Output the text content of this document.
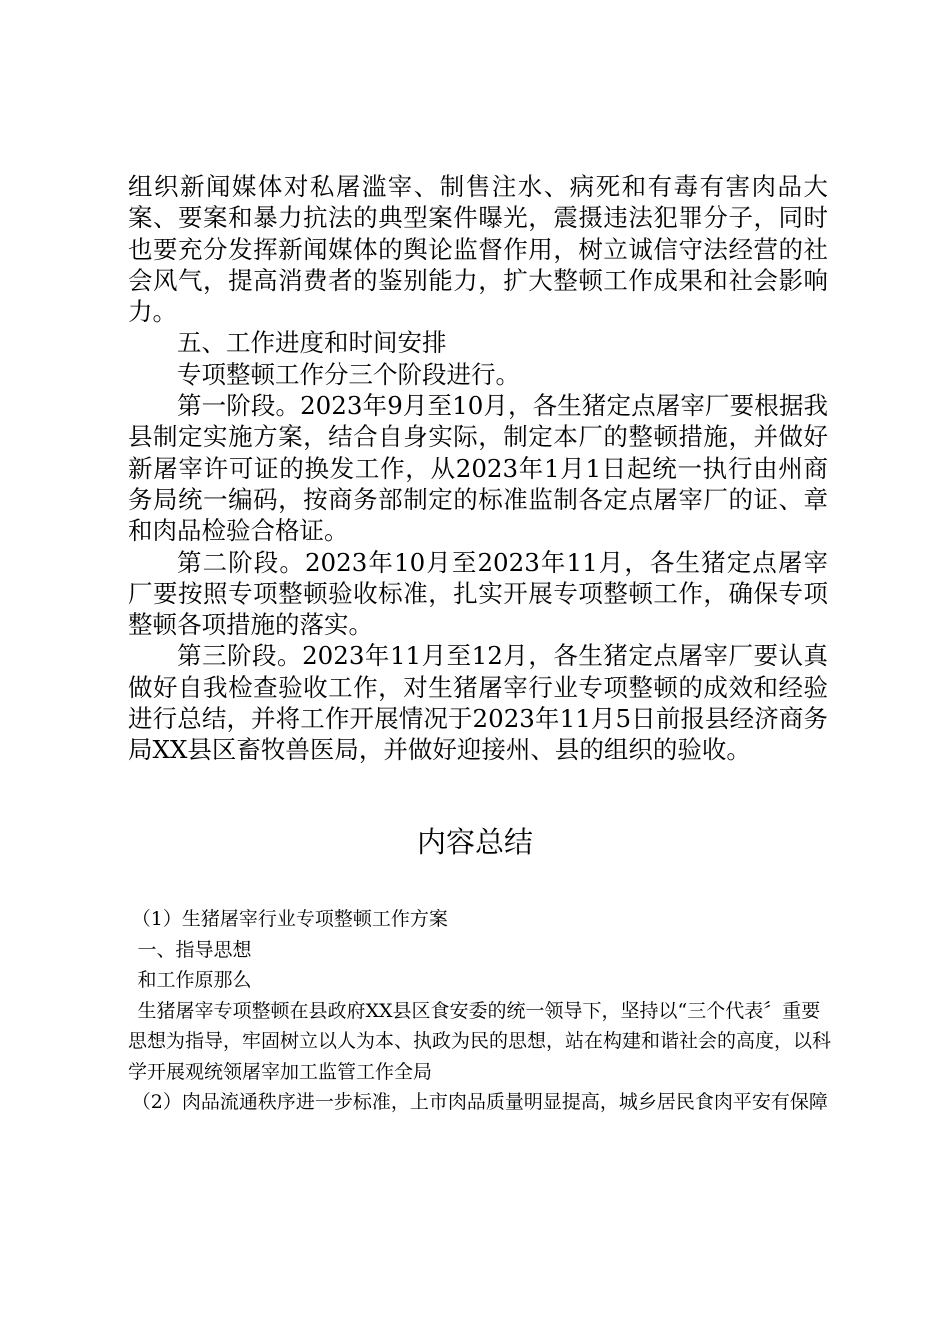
组织新闻媒体对私屠滥宰、制售注水、病死和有毒有害肉品大案、要案和暴力抗法的典型案件曝光，震摄违法犯罪分子，同时也要充分发挥新闻媒体的舆论监督作用，树立诚信守法经营的社会风气，提高消费者的鉴别能力，扩大整顿工作成果和社会影响力。

五、工作进度和时间安排

专项整顿工作分三个阶段进行。

第一阶段。2023年9月至10月，各生猪定点屠宰厂要根据我县制定实施方案，结合自身实际，制定本厂的整顿措施，并做好新屠宰许可证的换发工作，从2023年1月1日起统一执行由州商务局统一编码，按商务部制定的标准监制各定点屠宰厂的证、章和肉品检验合格证。

第二阶段。2023年10月至2023年11月，各生猪定点屠宰厂要按照专项整顿验收标准，扎实开展专项整顿工作，确保专项整顿各项措施的落实。

第三阶段。2023年11月至12月，各生猪定点屠宰厂要认真做好自我检查验收工作，对生猪屠宰行业专项整顿的成效和经验进行总结，并将工作开展情况于2023年11月5日前报县经济商务局XX县区畜牧兽医局，并做好迎接州、县的组织的验收。

内容总结

（1）生猪屠宰行业专项整顿工作方案

一、指导思想

和工作原那么

生猪屠宰专项整顿在县政府XX县区食安委的统一领导下，坚持以“三个代表〞重要思想为指导，牢固树立以人为本、执政为民的思想，站在构建和谐社会的高度，以科学开展观统领屠宰加工监管工作全局

（2）肉品流通秩序进一步标准，上市肉品质量明显提高，城乡居民食肉平安有保障
